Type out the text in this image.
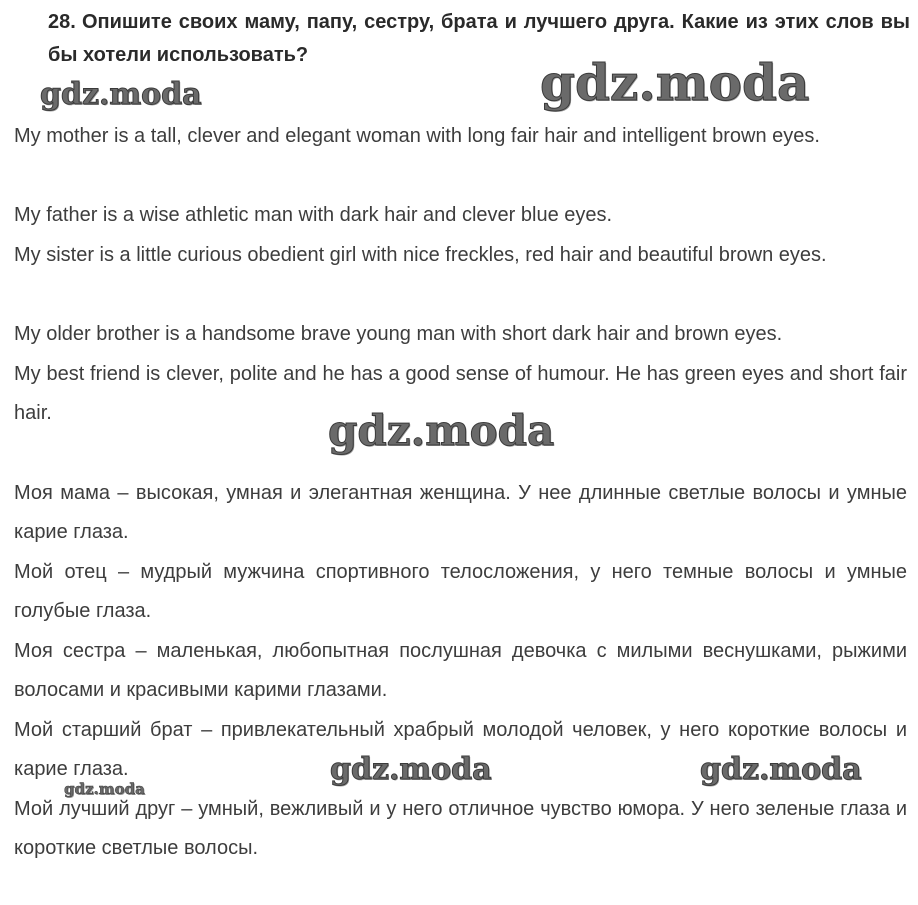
28. Опишите своих маму, папу, сестру, брата и лучшего друга. Какие из этих слов вы бы хотели использовать?
gdz.moda	gdz.moda
My mother is a tall, clever and elegant woman with long fair hair and intelligent brown eyes.
My father is a wise athletic man with dark hair and clever blue eyes.
My sister is a little curious obedient girl with nice freckles, red hair and beautiful brown eyes.
My older brother is a handsome brave young man with short dark hair and brown eyes.
My best friend is clever, polite and he has a good sense of humour. He has green eyes and short fair hair.	gdz.moda
Моя мама – высокая, умная и элегантная женщина. У нее длинные светлые волосы и умные карие глаза.
Мой отец – мудрый мужчина спортивного телосложения, у него темные волосы и умные голубые глаза.
Моя сестра – маленькая, любопытная послушная девочка с милыми веснушками, рыжими волосами и красивыми карими глазами.
Мой старший брат – привлекательный храбрый молодой человек, у него короткие волосы и карие глаза.
Мой лучший друг – умный, вежливый и у него отличное чувство юмора. У него зеленые глаза и короткие светлые волосы.
gdz.moda	gdz.moda
gdz.moda
